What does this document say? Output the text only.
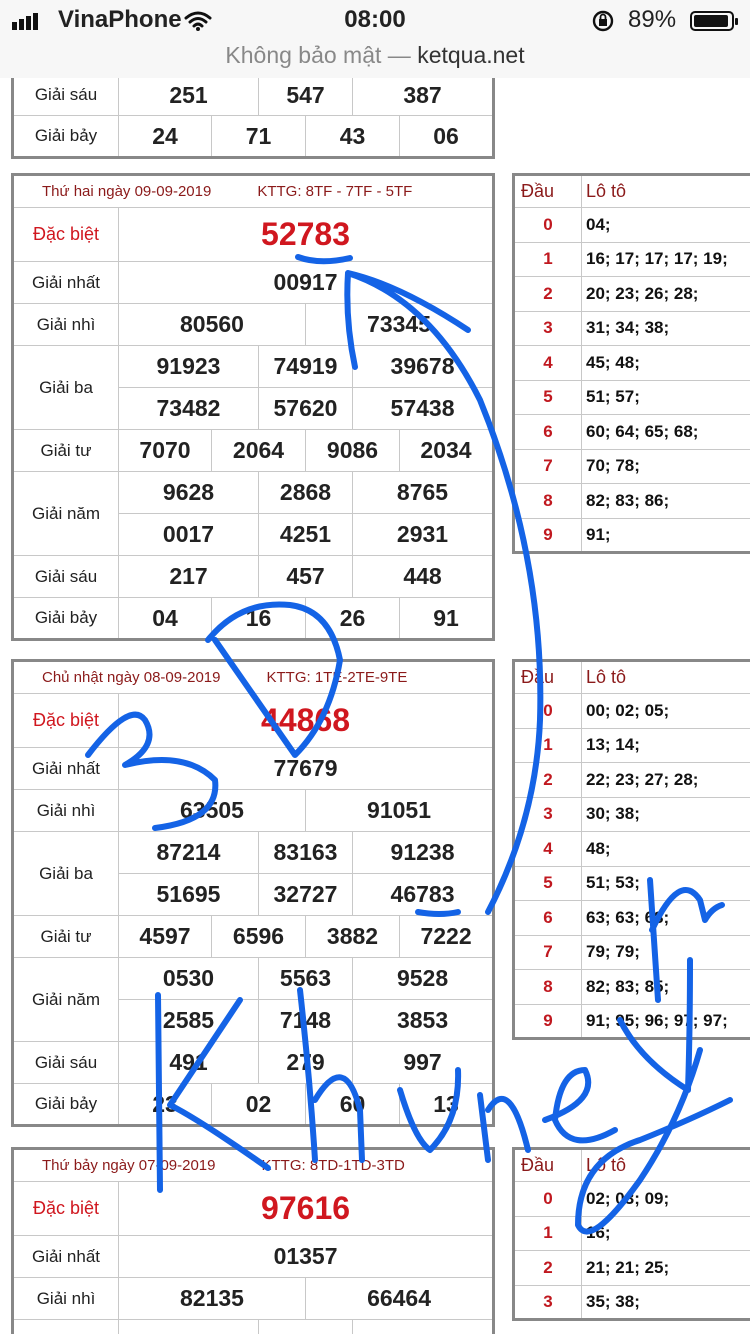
VinaPhone	08:00	89%
Không bảo mật — ketqua.net
Giải sáu	251		547		387	
Giải bảy	24	71		43		06
Thứ hai ngày 09-09-2019 KTTG: 8TF - 7TF - 5TF						
Đặc biệt	52783					
Giải nhất	00917					
Giải nhì	80560			73345		
Giải ba	91923		74919		39678	
	73482		57620		57438	
Giải tư	7070	2064		9086		2034
Giải năm	9628		2868		8765	
	0017		4251		2931	
Giải sáu	217		457		448	
Giải bảy	04	16		26		91
Chủ nhật ngày 08-09-2019 KTTG: 1TE-2TE-9TE						
Đặc biệt	44868					
Giải nhất	77679					
Giải nhì	63505			91051		
Giải ba	87214		83163		91238	
	51695		32727		46783	
Giải tư	4597	6596		3882		7222
Giải năm	0530		5563		9528	
	2585		7148		3853	
Giải sáu	491		279		997	
Giải bảy	23	02		60		13
Thứ bảy ngày 07-09-2019 KTTG: 8TD-1TD-3TD				
Đặc biệt	97616			
Giải nhất	01357			
Giải nhì	82135		66464	

Đầu	Lô tô
0	04;
1	16; 17; 17; 17; 19;
2	20; 23; 26; 28;
3	31; 34; 38;
4	45; 48;
5	51; 57;
6	60; 64; 65; 68;
7	70; 78;
8	82; 83; 86;
9	91;
Đầu	Lô tô
0	00; 02; 05;
1	13; 14;
2	22; 23; 27; 28;
3	30; 38;
4	48;
5	51; 53;
6	63; 63; 68;
7	79; 79;
8	82; 83; 85;
9	91; 95; 96; 97; 97;
Đầu	Lô tô
0	02; 03; 09;
1	16;
2	21; 21; 25;
3	35; 38;
